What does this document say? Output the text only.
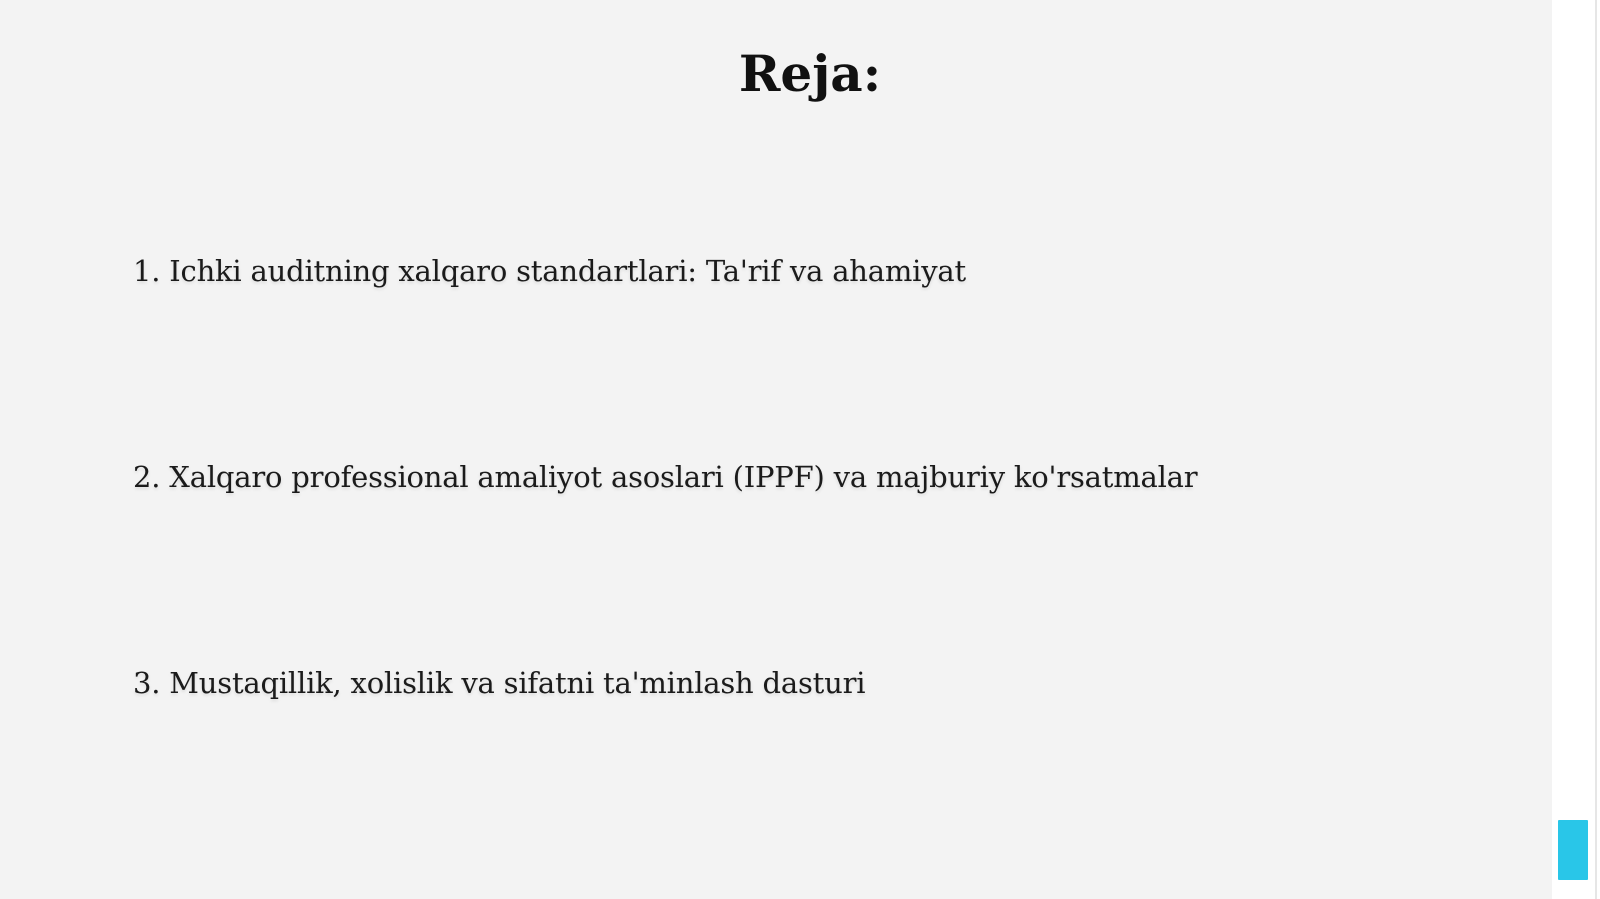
Reja:
1. Ichki auditning xalqaro standartlari: Ta'rif va ahamiyat
2. Xalqaro professional amaliyot asoslari (IPPF) va majburiy ko'rsatmalar
3. Mustaqillik, xolislik va sifatni ta'minlash dasturi
